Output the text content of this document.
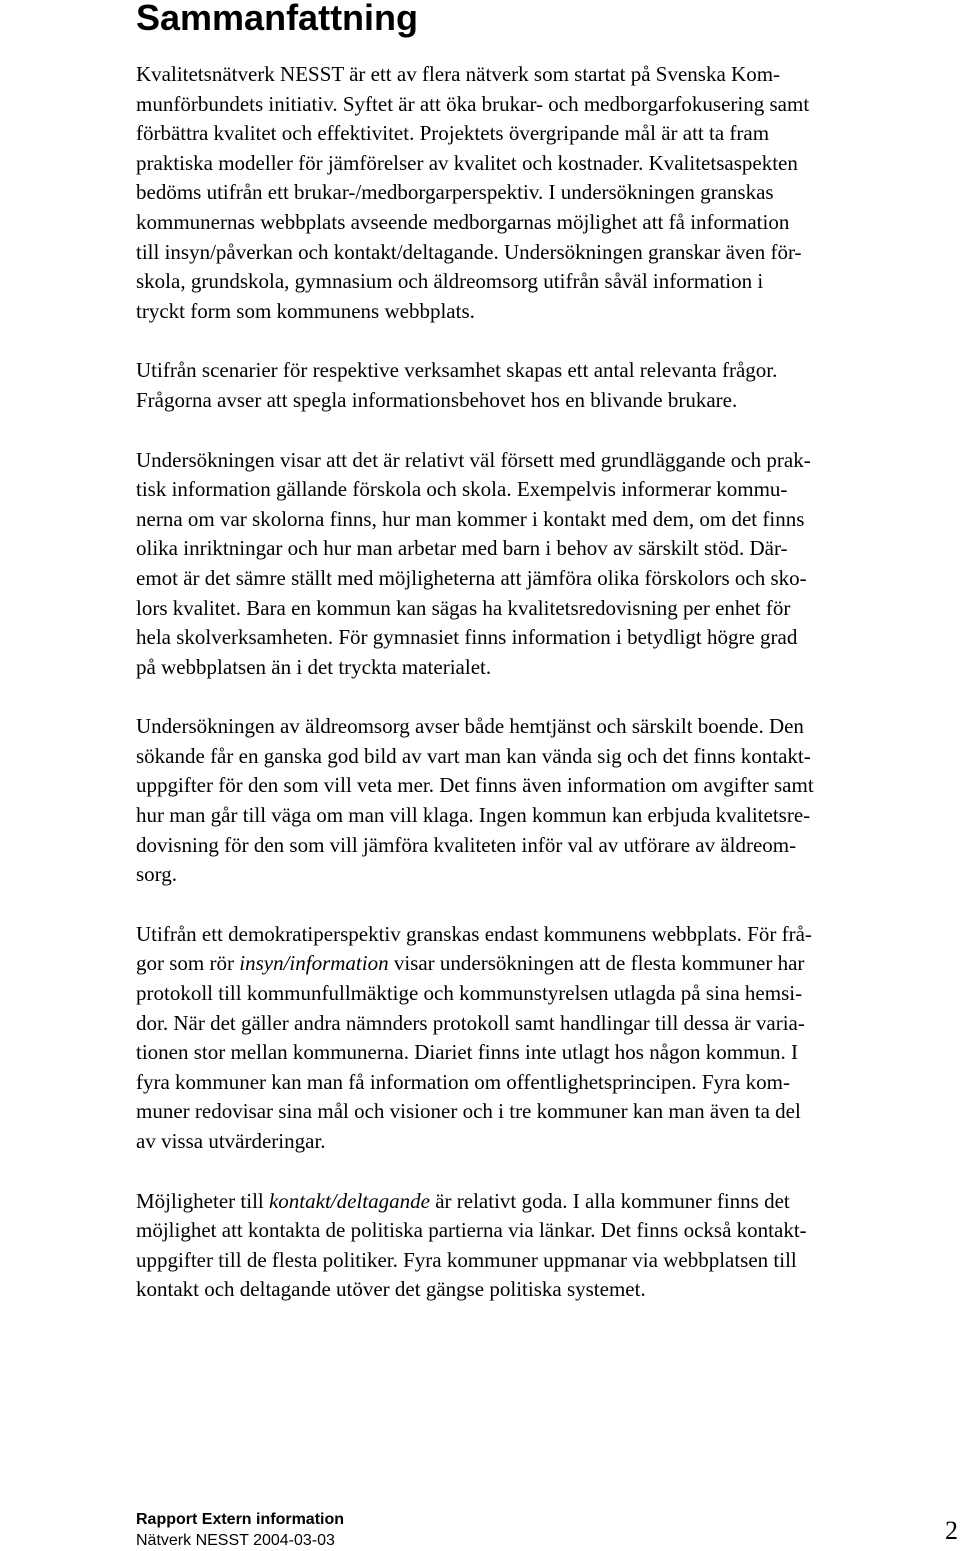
Sammanfattning

Kvalitetsnätverk NESST är ett av flera nätverk som startat på Svenska Kom-
munförbundets initiativ. Syftet är att öka brukar- och medborgarfokusering samt
förbättra kvalitet och effektivitet. Projektets övergripande mål är att ta fram
praktiska modeller för jämförelser av kvalitet och kostnader. Kvalitetsaspekten
bedöms utifrån ett brukar-/medborgarperspektiv. I undersökningen granskas
kommunernas webbplats avseende medborgarnas möjlighet att få information
till insyn/påverkan och kontakt/deltagande. Undersökningen granskar även för-
skola, grundskola, gymnasium och äldreomsorg utifrån såväl information i
tryckt form som kommunens webbplats.

Utifrån scenarier för respektive verksamhet skapas ett antal relevanta frågor.
Frågorna avser att spegla informationsbehovet hos en blivande brukare.

Undersökningen visar att det är relativt väl försett med grundläggande och prak-
tisk information gällande förskola och skola. Exempelvis informerar kommu-
nerna om var skolorna finns, hur man kommer i kontakt med dem, om det finns
olika inriktningar och hur man arbetar med barn i behov av särskilt stöd. Där-
emot är det sämre ställt med möjligheterna att jämföra olika förskolors och sko-
lors kvalitet. Bara en kommun kan sägas ha kvalitetsredovisning per enhet för
hela skolverksamheten. För gymnasiet finns information i betydligt högre grad
på webbplatsen än i det tryckta materialet.

Undersökningen av äldreomsorg avser både hemtjänst och särskilt boende. Den
sökande får en ganska god bild av vart man kan vända sig och det finns kontakt-
uppgifter för den som vill veta mer. Det finns även information om avgifter samt
hur man går till väga om man vill klaga. Ingen kommun kan erbjuda kvalitetsre-
dovisning för den som vill jämföra kvaliteten inför val av utförare av äldreom-
sorg.

Utifrån ett demokratiperspektiv granskas endast kommunens webbplats. För frå-
gor som rör insyn/information visar undersökningen att de flesta kommuner har
protokoll till kommunfullmäktige och kommunstyrelsen utlagda på sina hemsi-
dor. När det gäller andra nämnders protokoll samt handlingar till dessa är varia-
tionen stor mellan kommunerna. Diariet finns inte utlagt hos någon kommun. I
fyra kommuner kan man få information om offentlighetsprincipen. Fyra kom-
muner redovisar sina mål och visioner och i tre kommuner kan man även ta del
av vissa utvärderingar.

Möjligheter till kontakt/deltagande är relativt goda. I alla kommuner finns det
möjlighet att kontakta de politiska partierna via länkar. Det finns också kontakt-
uppgifter till de flesta politiker. Fyra kommuner uppmanar via webbplatsen till
kontakt och deltagande utöver det gängse politiska systemet.

Rapport Extern information
Nätverk NESST 2004-03-03	2
